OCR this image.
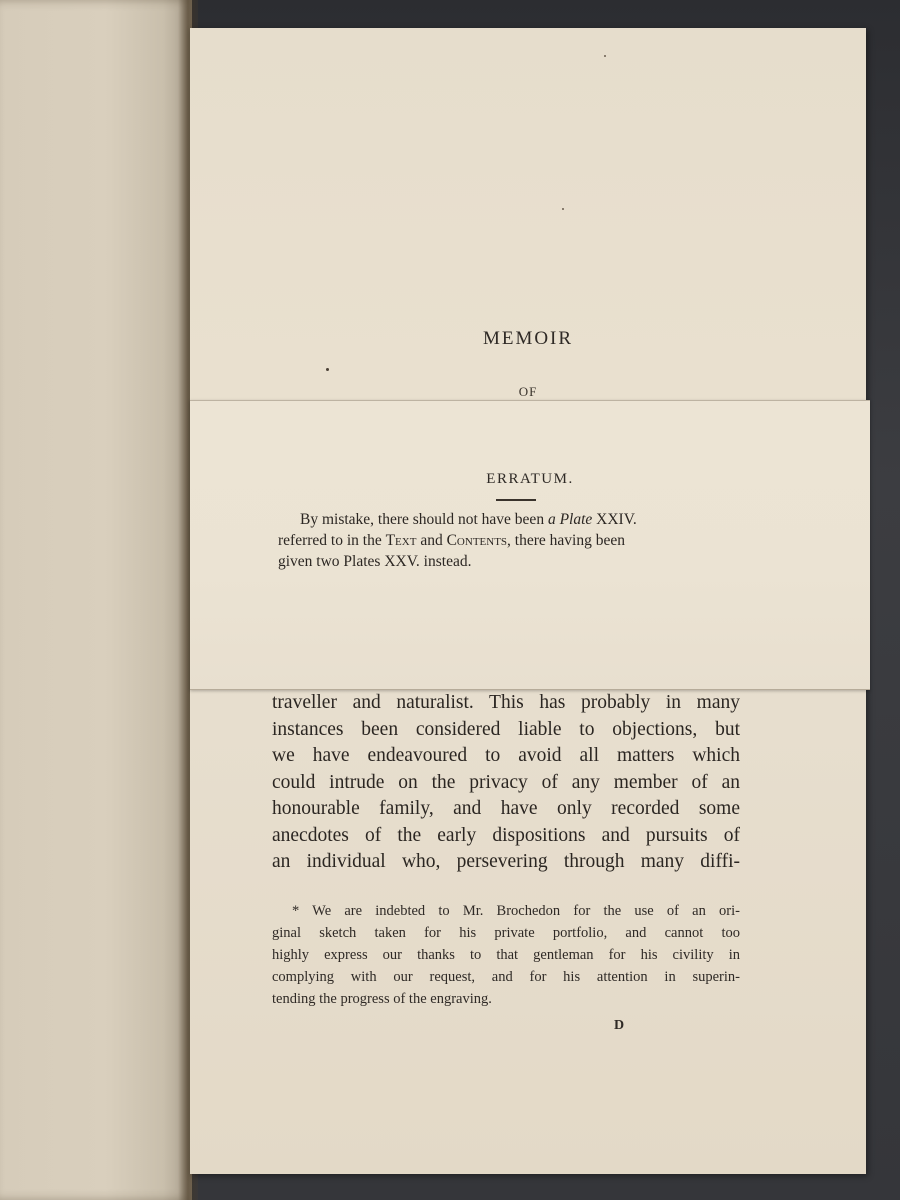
MEMOIR
OF
traveller and naturalist. This has probably in many
instances been considered liable to objections, but
we have endeavoured to avoid all matters which
could intrude on the privacy of any member of an
honourable family, and have only recorded some
anecdotes of the early dispositions and pursuits of
an individual who, persevering through many diffi-
* We are indebted to Mr. Brochedon for the use of an ori-
ginal sketch taken for his private portfolio, and cannot too
highly express our thanks to that gentleman for his civility in
complying with our request, and for his attention in superin-
tending the progress of the engraving.
D
ERRATUM.
By mistake, there should not have been a Plate XXIV.
referred to in the Text and Contents, there having been
given two Plates XXV. instead.
